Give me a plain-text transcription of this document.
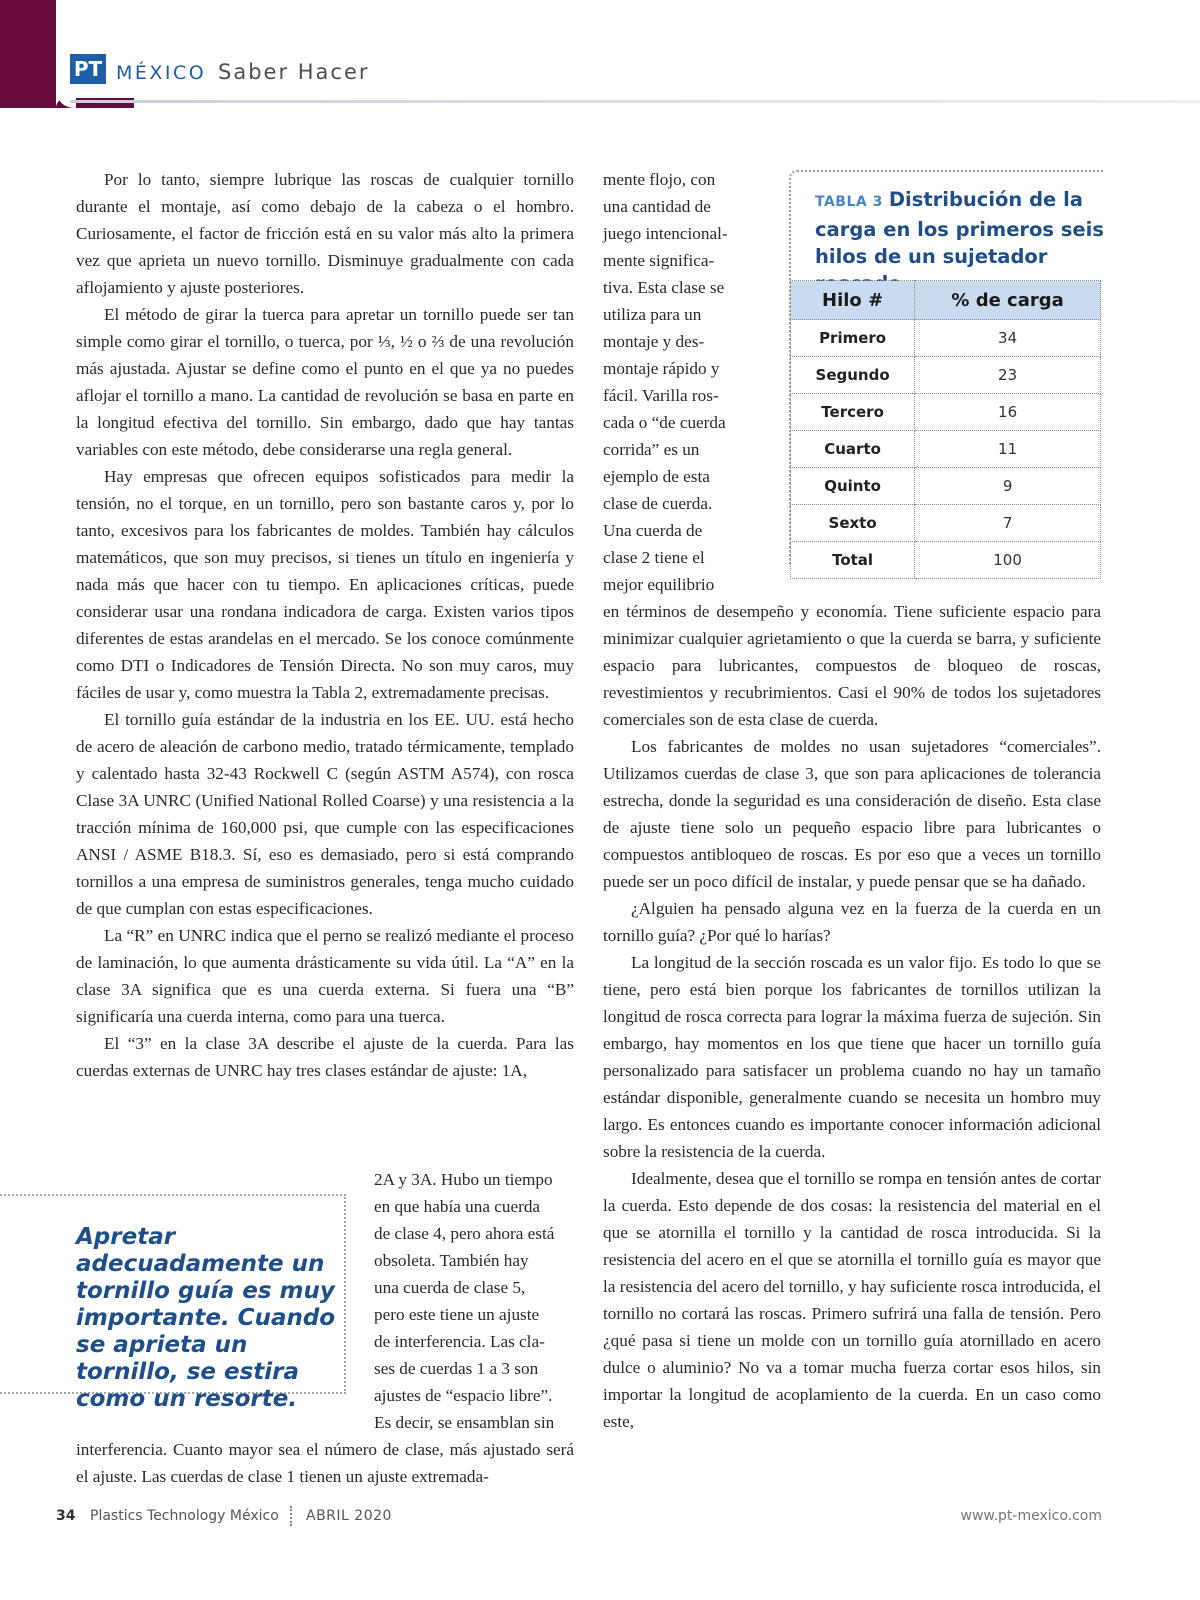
PT MÉXICO Saber Hacer

Por lo tanto, siempre lubrique las roscas de cualquier tornillo durante el montaje, así como debajo de la cabeza o el hombro. Curiosamente, el factor de fricción está en su valor más alto la primera vez que aprieta un nuevo tornillo. Disminuye gradualmente con cada aflojamiento y ajuste posteriores.

El método de girar la tuerca para apretar un tornillo puede ser tan simple como girar el tornillo, o tuerca, por ⅓, ½ o ⅔ de una revolución más ajustada. Ajustar se define como el punto en el que ya no puedes aflojar el tornillo a mano. La cantidad de revolución se basa en parte en la longitud efectiva del tornillo. Sin embargo, dado que hay tantas variables con este método, debe considerarse una regla general.

Hay empresas que ofrecen equipos sofisticados para medir la tensión, no el torque, en un tornillo, pero son bastante caros y, por lo tanto, excesivos para los fabricantes de moldes. También hay cálculos matemáticos, que son muy precisos, si tienes un título en ingeniería y nada más que hacer con tu tiempo. En aplicaciones críticas, puede considerar usar una rondana indicadora de carga. Existen varios tipos diferentes de estas arandelas en el mercado. Se los conoce comúnmente como DTI o Indicadores de Tensión Directa. No son muy caros, muy fáciles de usar y, como muestra la Tabla 2, extremadamente precisas.

El tornillo guía estándar de la industria en los EE. UU. está hecho de acero de aleación de carbono medio, tratado térmicamente, templado y calentado hasta 32-43 Rockwell C (según ASTM A574), con rosca Clase 3A UNRC (Unified National Rolled Coarse) y una resistencia a la tracción mínima de 160,000 psi, que cumple con las especificaciones ANSI / ASME B18.3. Sí, eso es demasiado, pero si está comprando tornillos a una empresa de suministros generales, tenga mucho cuidado de que cumplan con estas especificaciones.

La “R” en UNRC indica que el perno se realizó mediante el proceso de laminación, lo que aumenta drásticamente su vida útil. La “A” en la clase 3A significa que es una cuerda externa. Si fuera una “B” significaría una cuerda interna, como para una tuerca.

El “3” en la clase 3A describe el ajuste de la cuerda. Para las cuerdas externas de UNRC hay tres clases estándar de ajuste: 1A,

2A y 3A. Hubo un tiempo
en que había una cuerda
de clase 4, pero ahora está
obsoleta. También hay
una cuerda de clase 5,
pero este tiene un ajuste
de interferencia. Las cla-
ses de cuerdas 1 a 3 son
ajustes de “espacio libre”.
Es decir, se ensamblan sin

interferencia. Cuanto mayor sea el número de clase, más ajustado será el ajuste. Las cuerdas de clase 1 tienen un ajuste extremada-

Apretar adecuadamente un tornillo guía es muy importante. Cuando se aprieta un tornillo, se estira como un resorte.
mente flojo, con
una cantidad de
juego intencional-
mente significa-
tiva. Esta clase se
utiliza para un
montaje y des-
montaje rápido y
fácil. Varilla ros-
cada o “de cuerda
corrida” es un
ejemplo de esta
clase de cuerda.
Una cuerda de
clase 2 tiene el
mejor equilibrio
TABLA 3 Distribución de la carga en los primeros seis hilos de un sujetador
Hilo #	% de carga
Primero	34
Segundo	23
Tercero	16
Cuarto	11
Quinto	9
Sexto	7
Total	100

en términos de desempeño y economía. Tiene suficiente espacio para minimizar cualquier agrietamiento o que la cuerda se barra, y suficiente espacio para lubricantes, compuestos de bloqueo de roscas, revestimientos y recubrimientos. Casi el 90% de todos los sujetadores comerciales son de esta clase de cuerda.

Los fabricantes de moldes no usan sujetadores “comerciales”. Utilizamos cuerdas de clase 3, que son para aplicaciones de tolerancia estrecha, donde la seguridad es una consideración de diseño. Esta clase de ajuste tiene solo un pequeño espacio libre para lubricantes o compuestos antibloqueo de roscas. Es por eso que a veces un tornillo puede ser un poco difícil de instalar, y puede pensar que se ha dañado.

¿Alguien ha pensado alguna vez en la fuerza de la cuerda en un tornillo guía? ¿Por qué lo harías?

La longitud de la sección roscada es un valor fijo. Es todo lo que se tiene, pero está bien porque los fabricantes de tornillos utilizan la longitud de rosca correcta para lograr la máxima fuerza de sujeción. Sin embargo, hay momentos en los que tiene que hacer un tornillo guía personalizado para satisfacer un problema cuando no hay un tamaño estándar disponible, generalmente cuando se necesita un hombro muy largo. Es entonces cuando es importante conocer información adicional sobre la resistencia de la cuerda.

Idealmente, desea que el tornillo se rompa en tensión antes de cortar la cuerda. Esto depende de dos cosas: la resistencia del material en el que se atornilla el tornillo y la cantidad de rosca introducida. Si la resistencia del acero en el que se atornilla el tornillo guía es mayor que la resistencia del acero del tornillo, y hay suficiente rosca introducida, el tornillo no cortará las roscas. Primero sufrirá una falla de tensión. Pero ¿qué pasa si tiene un molde con un tornillo guía atornillado en acero dulce o aluminio? No va a tomar mucha fuerza cortar esos hilos, sin importar la longitud de acoplamiento de la cuerda. En un caso como este,

34 Plastics Technology México ABRIL 2020	www.pt-mexico.com
